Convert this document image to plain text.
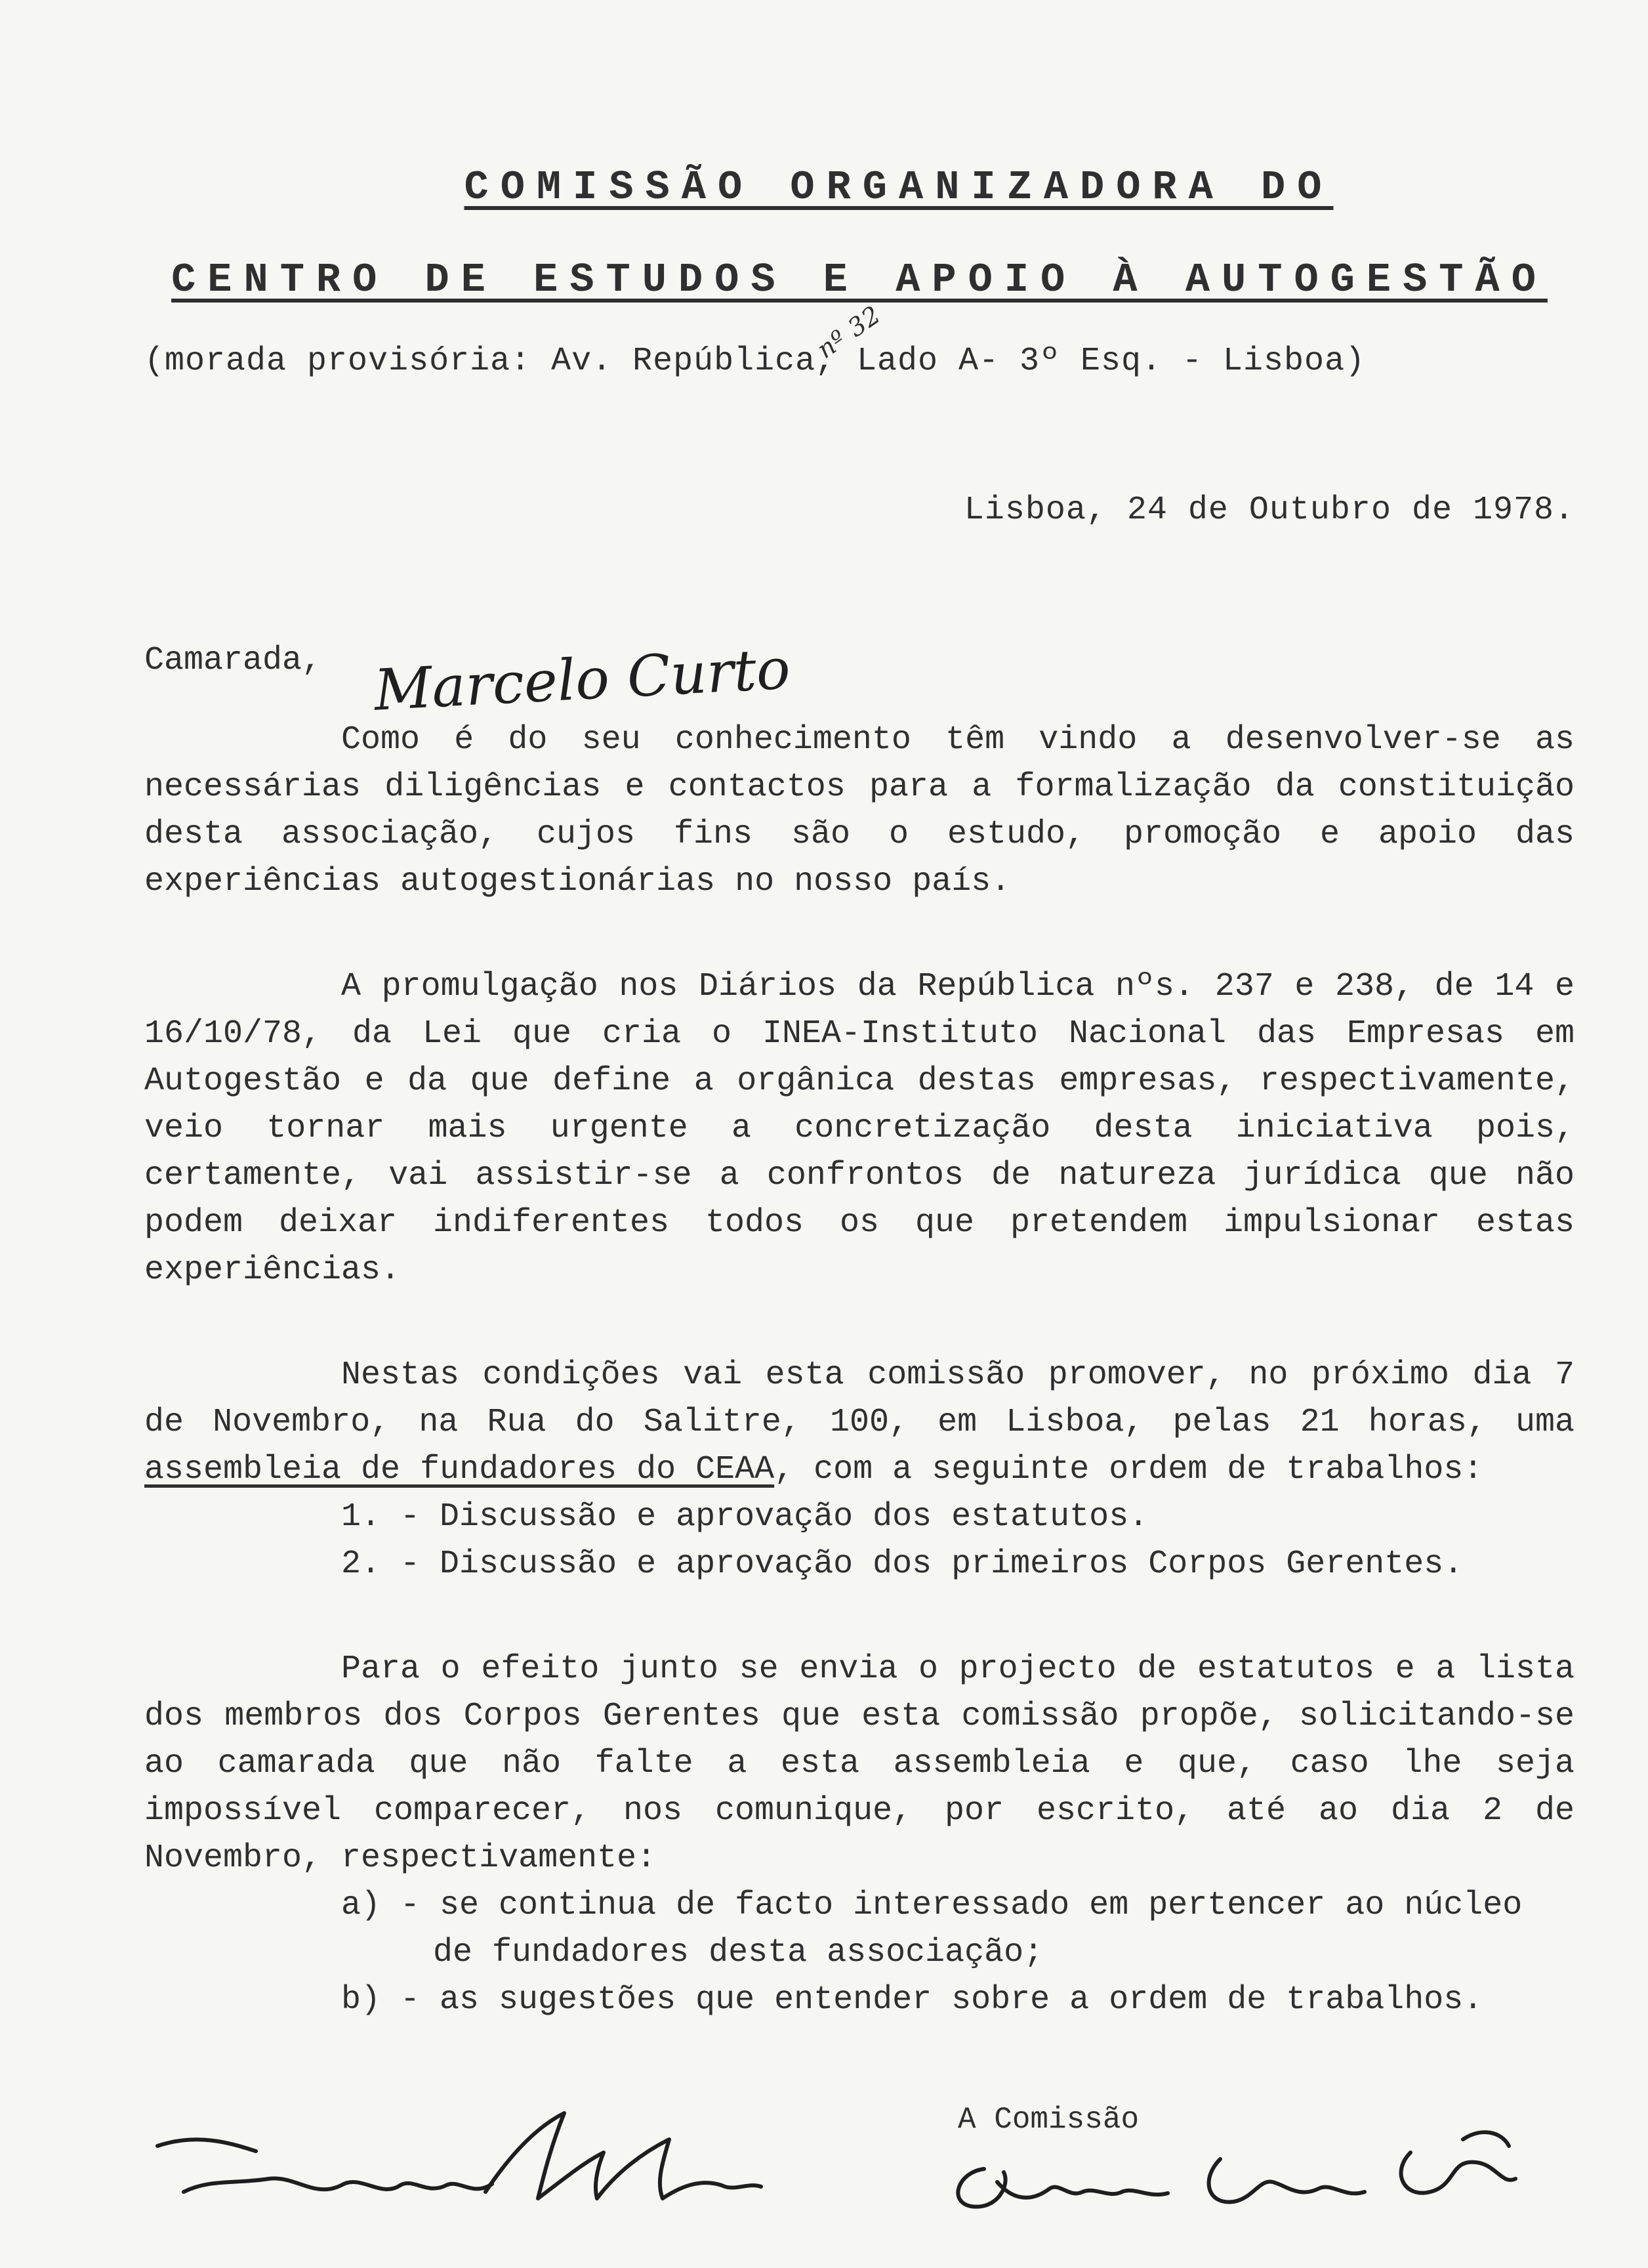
COMISSÃO ORGANIZADORA DO
CENTRO DE ESTUDOS E APOIO À AUTOGESTÃO
(morada provisória: Av. República,nº 32Lado A- 3º Esq. - Lisboa)
Lisboa, 24 de Outubro de 1978.
Camarada, Marcelo Curto

Como é do seu conhecimento têm vindo a desenvolver-se as necessárias diligências e contactos para a formalização da constituição desta associação, cujos fins são o estudo, promoção e apoio das experiências autogestionárias no nosso país.

A promulgação nos Diários da República nºs. 237 e 238, de 14 e 16/10/78, da Lei que cria o INEA-Instituto Nacional das Empresas em Autogestão e da que define a orgânica destas empresas, respectivamente, veio tornar mais urgente a concretização desta iniciativa pois, certamente, vai assistir-se a confrontos de natureza jurídica que não podem deixar indiferentes todos os que pretendem impulsionar estas experiências.

Nestas condições vai esta comissão promover, no próximo dia 7 de Novembro, na Rua do Salitre, 100, em Lisboa, pelas 21 horas, uma assembleia de fundadores do CEAA, com a seguinte ordem de trabalhos:

1. - Discussão e aprovação dos estatutos.
2. - Discussão e aprovação dos primeiros Corpos Gerentes.

Para o efeito junto se envia o projecto de estatutos e a lista dos membros dos Corpos Gerentes que esta comissão propõe, solicitando-se ao camarada que não falte a esta assembleia e que, caso lhe seja impossível comparecer, nos comunique, por escrito, até ao dia 2 de Novembro, respectivamente:

a) - se continua de facto interessado em pertencer ao núcleo
de fundadores desta associação;
b) - as sugestões que entender sobre a ordem de trabalhos.
A Comissão
